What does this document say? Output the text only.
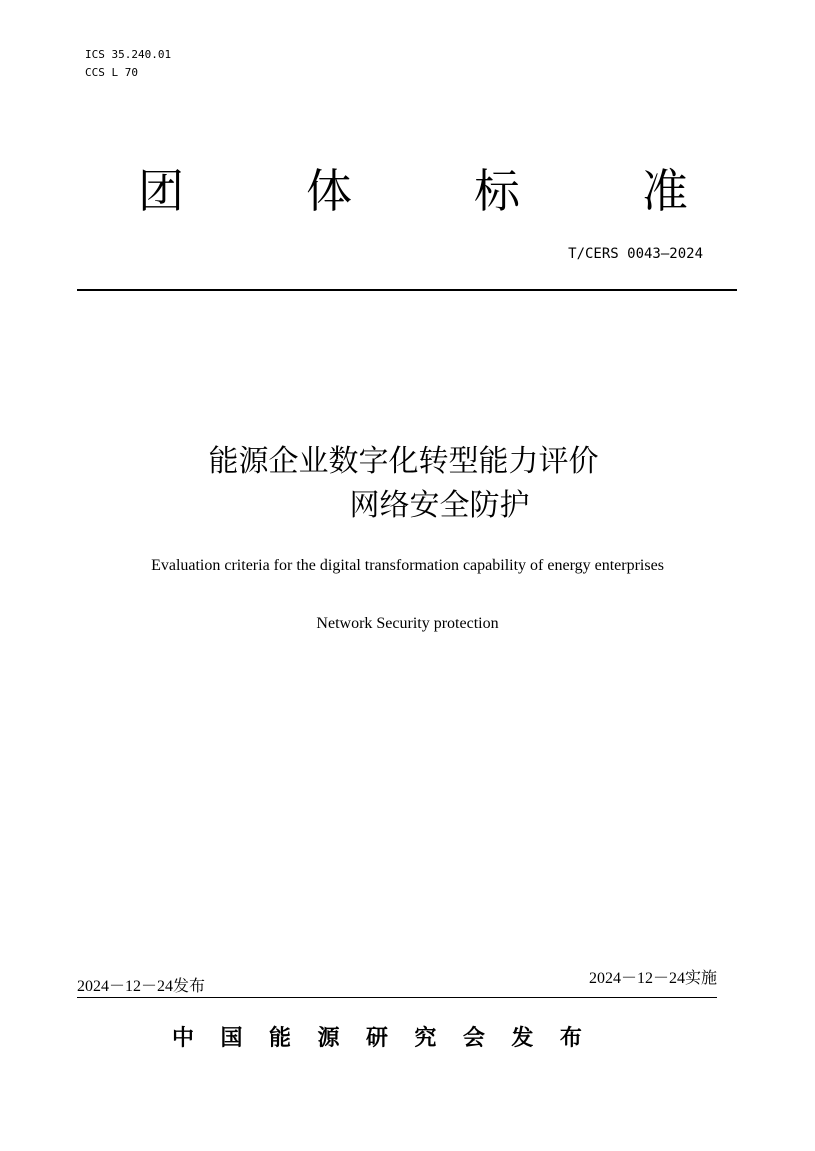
ICS 35.240.01
CCS L 70
团	体	标	准
T/CERS 0043—2024
能源企业数字化转型能力评价
网络安全防护
Evaluation criteria for the digital transformation capability of energy enterprises
Network Security protection
2024－12－24发布	2024－12－24实施
中 国 能 源 研 究 会 发 布
